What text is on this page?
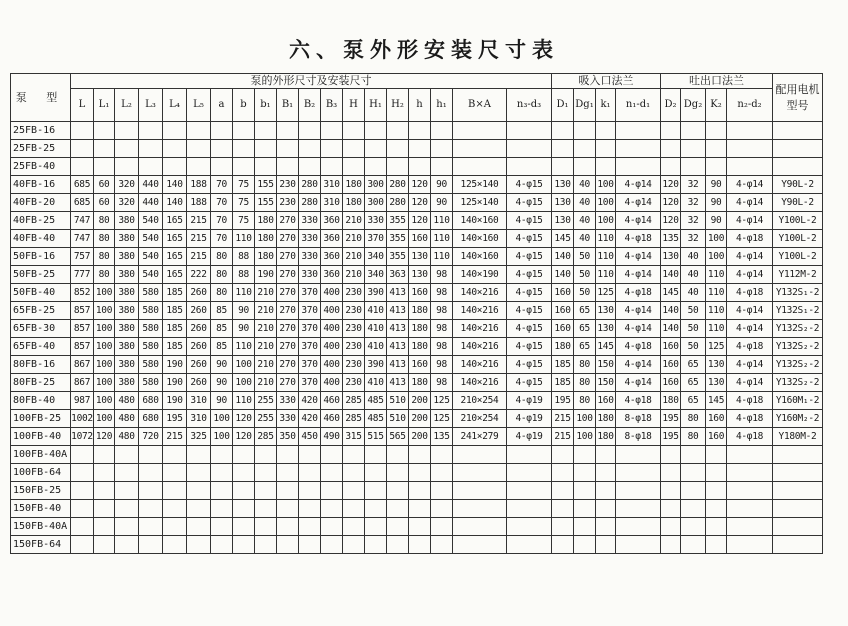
六、泵外形安装尺寸表
泵 型	泵的外形尺寸及安装尺寸																			吸入口法兰				吐出口法兰				配用电机型号
	L	L₁	L₂	L₃	L₄	L₅	a	b	b₁	B₁	B₂	B₃	H	H₁	H₂	h	h₁	B×A	n₃-d₃	D₁	Dg₁	k₁	n₁-d₁	D₂	Dg₂	K₂	n₂-d₂	
25FB-16																												
25FB-25																												
25FB-40																												
40FB-16	685	60	320	440	140	188	70	75	155	230	280	310	180	300	280	120	90	125×140	4-φ15	130	40	100	4-φ14	120	32	90	4-φ14	Y90L-2
40FB-20	685	60	320	440	140	188	70	75	155	230	280	310	180	300	280	120	90	125×140	4-φ15	130	40	100	4-φ14	120	32	90	4-φ14	Y90L-2
40FB-25	747	80	380	540	165	215	70	75	180	270	330	360	210	330	355	120	110	140×160	4-φ15	130	40	100	4-φ14	120	32	90	4-φ14	Y100L-2
40FB-40	747	80	380	540	165	215	70	110	180	270	330	360	210	370	355	160	110	140×160	4-φ15	145	40	110	4-φ18	135	32	100	4-φ18	Y100L-2
50FB-16	757	80	380	540	165	215	80	88	180	270	330	360	210	340	355	130	110	140×160	4-φ15	140	50	110	4-φ14	130	40	100	4-φ14	Y100L-2
50FB-25	777	80	380	540	165	222	80	88	190	270	330	360	210	340	363	130	98	140×190	4-φ15	140	50	110	4-φ14	140	40	110	4-φ14	Y112M-2
50FB-40	852	100	380	580	185	260	80	110	210	270	370	400	230	390	413	160	98	140×216	4-φ15	160	50	125	4-φ18	145	40	110	4-φ18	Y132S₁-2
65FB-25	857	100	380	580	185	260	85	90	210	270	370	400	230	410	413	180	98	140×216	4-φ15	160	65	130	4-φ14	140	50	110	4-φ14	Y132S₁-2
65FB-30	857	100	380	580	185	260	85	90	210	270	370	400	230	410	413	180	98	140×216	4-φ15	160	65	130	4-φ14	140	50	110	4-φ14	Y132S₂-2
65FB-40	857	100	380	580	185	260	85	110	210	270	370	400	230	410	413	180	98	140×216	4-φ15	180	65	145	4-φ18	160	50	125	4-φ18	Y132S₂-2
80FB-16	867	100	380	580	190	260	90	100	210	270	370	400	230	390	413	160	98	140×216	4-φ15	185	80	150	4-φ14	160	65	130	4-φ14	Y132S₂-2
80FB-25	867	100	380	580	190	260	90	100	210	270	370	400	230	410	413	180	98	140×216	4-φ15	185	80	150	4-φ14	160	65	130	4-φ14	Y132S₂-2
80FB-40	987	100	480	680	190	310	90	110	255	330	420	460	285	485	510	200	125	210×254	4-φ19	195	80	160	4-φ18	180	65	145	4-φ18	Y160M₁-2
100FB-25	1002	100	480	680	195	310	100	120	255	330	420	460	285	485	510	200	125	210×254	4-φ19	215	100	180	8-φ18	195	80	160	4-φ18	Y160M₂-2
100FB-40	1072	120	480	720	215	325	100	120	285	350	450	490	315	515	565	200	135	241×279	4-φ19	215	100	180	8-φ18	195	80	160	4-φ18	Y180M-2
100FB-40A																												
100FB-64																												
150FB-25																												
150FB-40																												
150FB-40A																												
150FB-64																												
